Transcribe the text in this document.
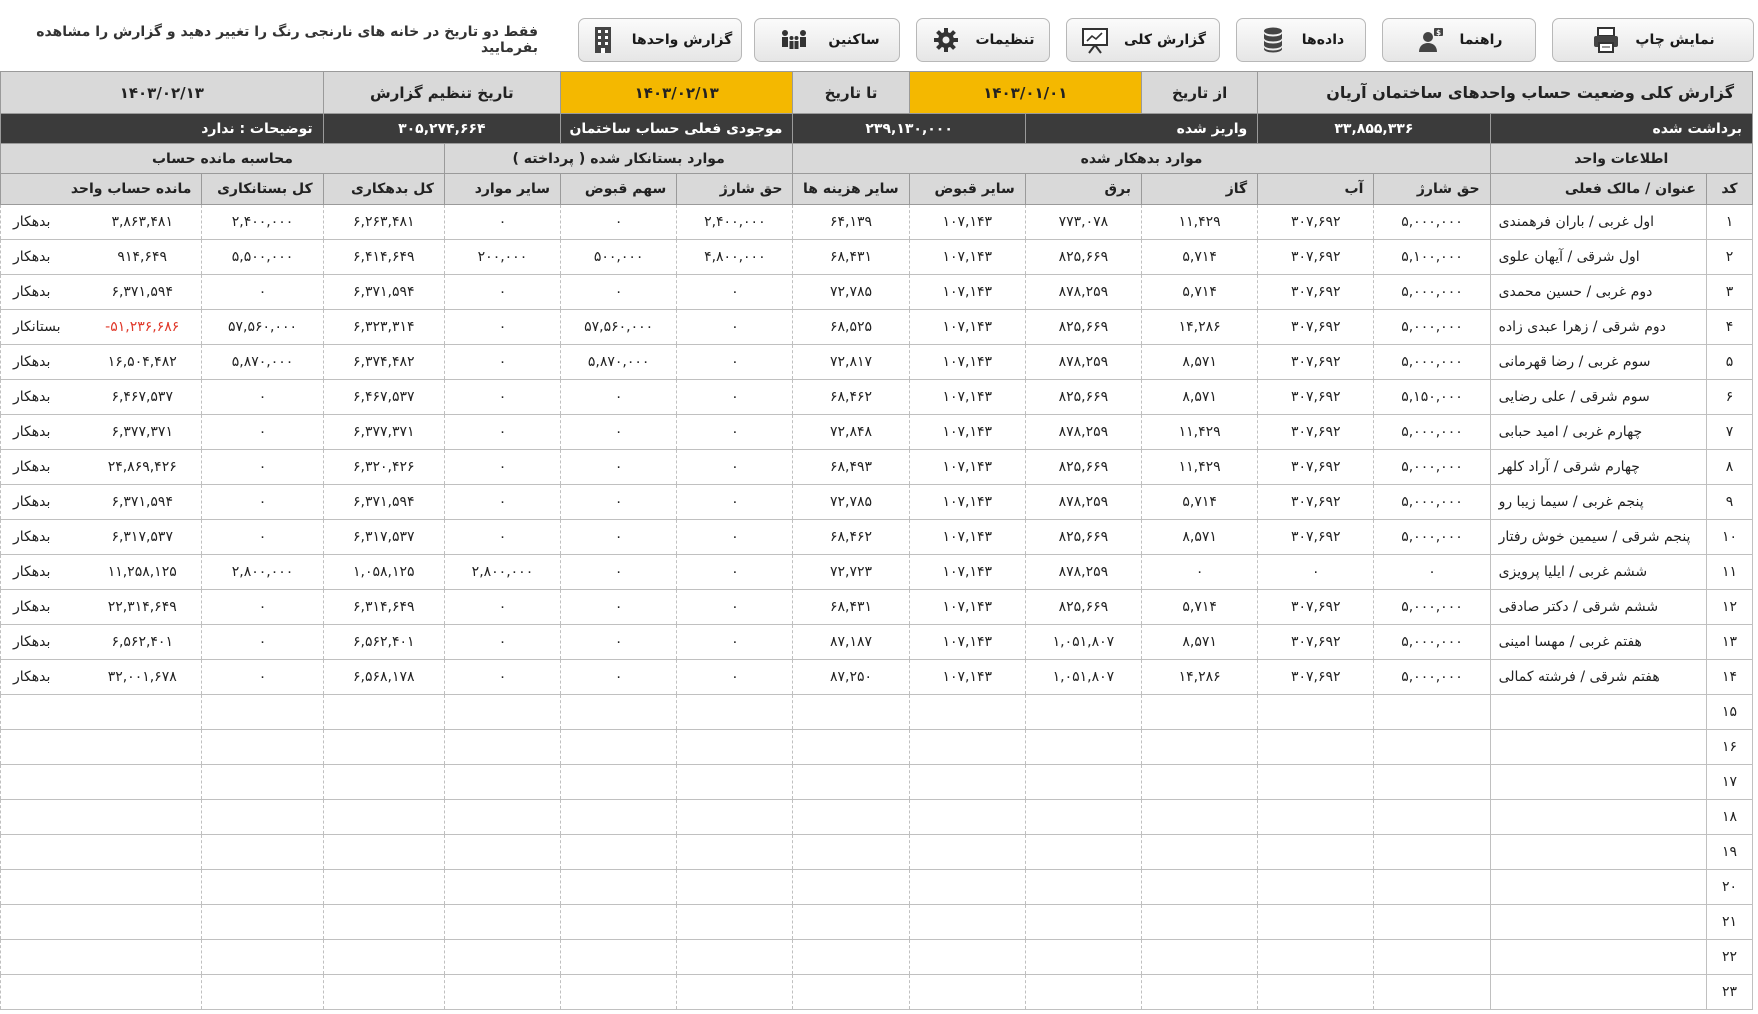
نمایش چاپ
راهنما
$
داده‌ها
گزارش کلی
تنظیمات
ساکنین
گزارش واحدها
فقط دو تاریخ در خانه های نارنجی رنگ را تغییر دهید و گزارش را مشاهده بفرمایید
گزارش کلی وضعیت حساب واحدهای ساختمان آریان				از تاریخ	۱۴۰۳/۰۱/۰۱		تا تاریخ	۱۴۰۳/۰۲/۱۳		تاریخ تنظیم گزارش		۱۴۰۳/۰۲/۱۳	
برداشت شده		۳۳,۸۵۵,۳۳۶		واریز شده		۲۳۹,۱۳۰,۰۰۰		موجودی فعلی حساب ساختمان		۳۰۵,۲۷۴,۶۶۴		توضیحات : ندارد	
اطلاعات واحد		موارد بدهکار شده						موارد بستانکار شده ( پرداخته )			محاسبه مانده حساب		
کد	عنوان / مالک فعلی	حق شارژ	آب	گاز	برق	سایر قبوض	سایر هزینه ها	حق شارژ	سهم قبوض	سایر موارد	کل بدهکاری	کل بستانکاری	مانده حساب واحد
۱	اول غربی / باران فرهمندی	۵,۰۰۰,۰۰۰	۳۰۷,۶۹۲	۱۱,۴۲۹	۷۷۳,۰۷۸	۱۰۷,۱۴۳	۶۴,۱۳۹	۲,۴۰۰,۰۰۰	۰	۰	۶,۲۶۳,۴۸۱	۲,۴۰۰,۰۰۰	بدهکار ۳,۸۶۳,۴۸۱

۲	اول شرقی / آیهان علوی	۵,۱۰۰,۰۰۰	۳۰۷,۶۹۲	۵,۷۱۴	۸۲۵,۶۶۹	۱۰۷,۱۴۳	۶۸,۴۳۱	۴,۸۰۰,۰۰۰	۵۰۰,۰۰۰	۲۰۰,۰۰۰	۶,۴۱۴,۶۴۹	۵,۵۰۰,۰۰۰	بدهکار ۹۱۴,۶۴۹

۳	دوم غربی / حسین محمدی	۵,۰۰۰,۰۰۰	۳۰۷,۶۹۲	۵,۷۱۴	۸۷۸,۲۵۹	۱۰۷,۱۴۳	۷۲,۷۸۵	۰	۰	۰	۶,۳۷۱,۵۹۴	۰	بدهکار ۶,۳۷۱,۵۹۴

۴	دوم شرقی / زهرا عبدی زاده	۵,۰۰۰,۰۰۰	۳۰۷,۶۹۲	۱۴,۲۸۶	۸۲۵,۶۶۹	۱۰۷,۱۴۳	۶۸,۵۲۵	۰	۵۷,۵۶۰,۰۰۰	۰	۶,۳۲۳,۳۱۴	۵۷,۵۶۰,۰۰۰	بستانکار -۵۱,۲۳۶,۶۸۶

۵	سوم غربی / رضا قهرمانی	۵,۰۰۰,۰۰۰	۳۰۷,۶۹۲	۸,۵۷۱	۸۷۸,۲۵۹	۱۰۷,۱۴۳	۷۲,۸۱۷	۰	۵,۸۷۰,۰۰۰	۰	۶,۳۷۴,۴۸۲	۵,۸۷۰,۰۰۰	بدهکار ۱۶,۵۰۴,۴۸۲

۶	سوم شرقی / علی رضایی	۵,۱۵۰,۰۰۰	۳۰۷,۶۹۲	۸,۵۷۱	۸۲۵,۶۶۹	۱۰۷,۱۴۳	۶۸,۴۶۲	۰	۰	۰	۶,۴۶۷,۵۳۷	۰	بدهکار ۶,۴۶۷,۵۳۷

۷	چهارم غربی / امید حبابی	۵,۰۰۰,۰۰۰	۳۰۷,۶۹۲	۱۱,۴۲۹	۸۷۸,۲۵۹	۱۰۷,۱۴۳	۷۲,۸۴۸	۰	۰	۰	۶,۳۷۷,۳۷۱	۰	بدهکار ۶,۳۷۷,۳۷۱

۸	چهارم شرقی / آراد کلهر	۵,۰۰۰,۰۰۰	۳۰۷,۶۹۲	۱۱,۴۲۹	۸۲۵,۶۶۹	۱۰۷,۱۴۳	۶۸,۴۹۳	۰	۰	۰	۶,۳۲۰,۴۲۶	۰	بدهکار ۲۴,۸۶۹,۴۲۶

۹	پنجم غربی / سیما زیبا رو	۵,۰۰۰,۰۰۰	۳۰۷,۶۹۲	۵,۷۱۴	۸۷۸,۲۵۹	۱۰۷,۱۴۳	۷۲,۷۸۵	۰	۰	۰	۶,۳۷۱,۵۹۴	۰	بدهکار ۶,۳۷۱,۵۹۴

۱۰	پنجم شرقی / سیمین خوش رفتار	۵,۰۰۰,۰۰۰	۳۰۷,۶۹۲	۸,۵۷۱	۸۲۵,۶۶۹	۱۰۷,۱۴۳	۶۸,۴۶۲	۰	۰	۰	۶,۳۱۷,۵۳۷	۰	بدهکار ۶,۳۱۷,۵۳۷

۱۱	ششم غربی / ایلیا پرویزی	۰	۰	۰	۸۷۸,۲۵۹	۱۰۷,۱۴۳	۷۲,۷۲۳	۰	۰	۲,۸۰۰,۰۰۰	۱,۰۵۸,۱۲۵	۲,۸۰۰,۰۰۰	بدهکار ۱۱,۲۵۸,۱۲۵

۱۲	ششم شرقی / دکتر صادقی	۵,۰۰۰,۰۰۰	۳۰۷,۶۹۲	۵,۷۱۴	۸۲۵,۶۶۹	۱۰۷,۱۴۳	۶۸,۴۳۱	۰	۰	۰	۶,۳۱۴,۶۴۹	۰	بدهکار ۲۲,۳۱۴,۶۴۹

۱۳	هفتم غربی / مهسا امینی	۵,۰۰۰,۰۰۰	۳۰۷,۶۹۲	۸,۵۷۱	۱,۰۵۱,۸۰۷	۱۰۷,۱۴۳	۸۷,۱۸۷	۰	۰	۰	۶,۵۶۲,۴۰۱	۰	بدهکار ۶,۵۶۲,۴۰۱

۱۴	هفتم شرقی / فرشته کمالی	۵,۰۰۰,۰۰۰	۳۰۷,۶۹۲	۱۴,۲۸۶	۱,۰۵۱,۸۰۷	۱۰۷,۱۴۳	۸۷,۲۵۰	۰	۰	۰	۶,۵۶۸,۱۷۸	۰	بدهکار ۳۲,۰۰۱,۶۷۸

۱۵													
۱۶													
۱۷													
۱۸													
۱۹													
۲۰													
۲۱													
۲۲													
۲۳													
